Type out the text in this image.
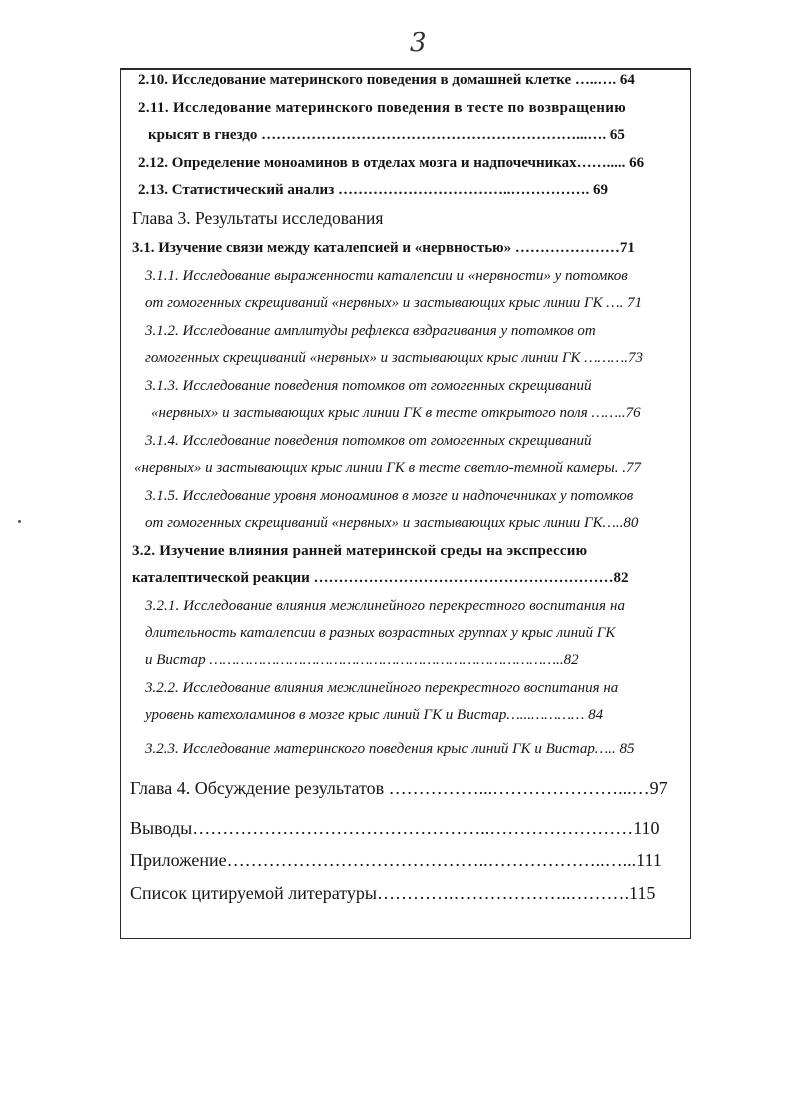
3

2.10. Исследование материнского поведения в домашней клетке …..…. 64

2.11. Исследование материнского поведения в тесте по возвращению

крысят в гнездо ………………………………………………………...…. 65

2.12. Определение моноаминов в отделах мозга и надпочечниках……..... 66

2.13. Статистический анализ ……………………………..……………. 69

Глава 3. Результаты исследования

3.1. Изучение связи между каталепсией и «нервностью» …………………71

3.1.1. Исследование выраженности каталепсии и «нервности» у потомков

от гомогенных скрещиваний «нервных» и застывающих крыс линии ГК …. 71

3.1.2. Исследование амплитуды рефлекса вздрагивания у потомков от

гомогенных скрещиваний «нервных» и застывающих крыс линии ГК ……….73

3.1.3. Исследование поведения потомков от гомогенных скрещиваний

«нервных» и застывающих крыс линии ГК в тесте открытого поля ……..76

3.1.4. Исследование поведения потомков от гомогенных скрещиваний

«нервных» и застывающих крыс линии ГК в тесте светло-темной камеры. .77

3.1.5. Исследование уровня моноаминов в мозге и надпочечниках у потомков

от гомогенных скрещиваний «нервных» и застывающих крыс линии ГК…..80

3.2. Изучение влияния ранней материнской среды на экспрессию

каталептической реакции ……………………………………………………82

3.2.1. Исследование влияния межлинейного перекрестного воспитания на

длительность каталепсии в разных возрастных группах у крыс линий ГК

и Вистар ……………………………………………………………………..82

3.2.2. Исследование влияния межлинейного перекрестного воспитания на

уровень катехоламинов в мозге крыс линий ГК и Вистар…...………… 84

3.2.3. Исследование материнского поведения крыс линий ГК и Вистар….. 85

Глава 4. Обсуждение результатов ……………...…………………...…97

Выводы…………………………………………..……………………110

Приложение……………………………………..………………..…...111

Список цитируемой литературы………….………………..……….115
